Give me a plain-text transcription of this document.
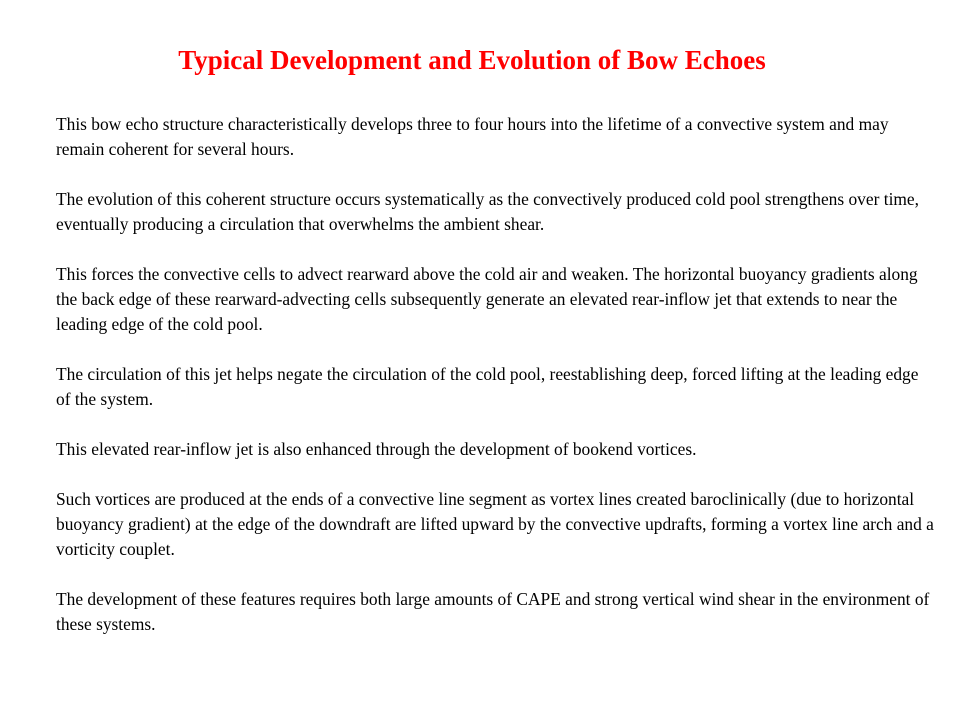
Typical Development and Evolution of Bow Echoes

This bow echo structure characteristically develops three to four hours into the lifetime of a convective system and may remain coherent for several hours.

The evolution of this coherent structure occurs systematically as the convectively produced cold pool strengthens over time, eventually producing a circulation that overwhelms the ambient shear.

This forces the convective cells to advect rearward above the cold air and weaken. The horizontal buoyancy gradients along the back edge of these rearward-advecting cells subsequently generate an elevated rear-inflow jet that extends to near the leading edge of the cold pool.

The circulation of this jet helps negate the circulation of the cold pool, reestablishing deep, forced lifting at the leading edge of the system.

This elevated rear-inflow jet is also enhanced through the development of bookend vortices.

Such vortices are produced at the ends of a convective line segment as vortex lines created baroclinically (due to horizontal buoyancy gradient) at the edge of the downdraft are lifted upward by the convective updrafts, forming a vortex line arch and a vorticity couplet.

The development of these features requires both large amounts of CAPE and strong vertical wind shear in the environment of these systems.
